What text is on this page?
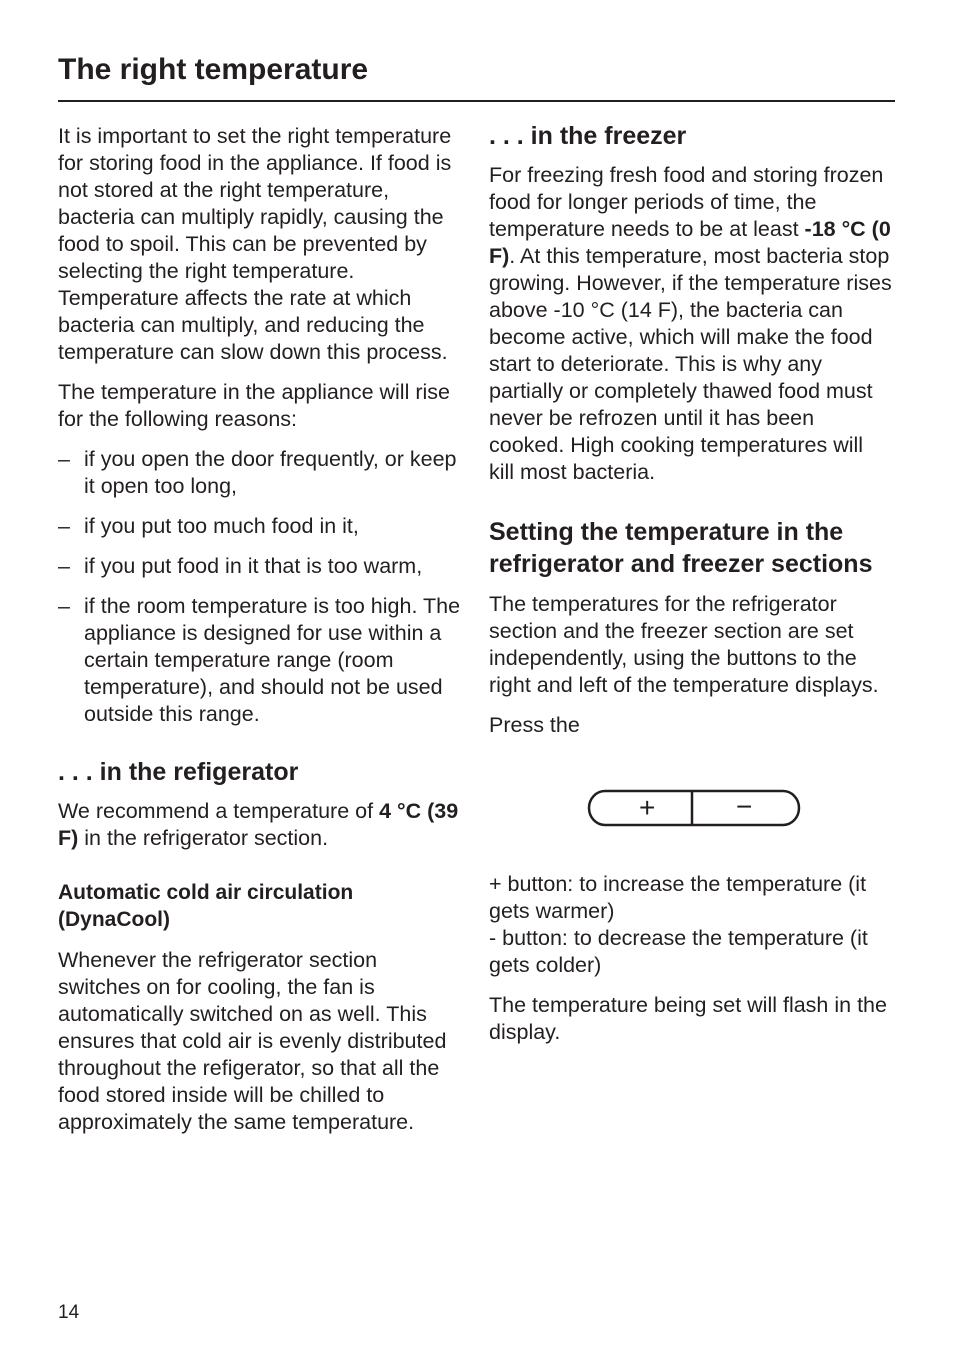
The right temperature

It is important to set the right temperature for storing food in the appliance. If food is not stored at the right temperature, bacteria can multiply rapidly, causing the food to spoil. This can be prevented by selecting the right temperature. Temperature affects the rate at which bacteria can multiply, and reducing the temperature can slow down this process.

The temperature in the appliance will rise for the following reasons:

– if you open the door frequently, or keep it open too long,
– if you put too much food in it,
– if you put food in it that is too warm,
– if the room temperature is too high. The appliance is designed for use within a certain temperature range (room temperature), and should not be used outside this range.
. . . in the refigerator

We recommend a temperature of 4 °C (39 F) in the refrigerator section.

Automatic cold air circulation (DynaCool)

Whenever the refrigerator section switches on for cooling, the fan is automatically switched on as well. This ensures that cold air is evenly distributed throughout the refigerator, so that all the food stored inside will be chilled to approximately the same temperature.

. . . in the freezer

For freezing fresh food and storing frozen food for longer periods of time, the temperature needs to be at least -18 °C (0 F). At this temperature, most bacteria stop growing. However, if the temperature rises above -10 °C (14 F), the bacteria can become active, which will make the food start to deteriorate. This is why any partially or completely thawed food must never be refrozen until it has been cooked. High cooking temperatures will kill most bacteria.

Setting the temperature in the refrigerator and freezer sections

The temperatures for the refrigerator section and the freezer section are set independently, using the buttons to the right and left of the temperature displays.

Press the

+	−

+ button: to increase the temperature (it gets warmer)
- button: to decrease the temperature (it gets colder)

The temperature being set will flash in the display.

14
